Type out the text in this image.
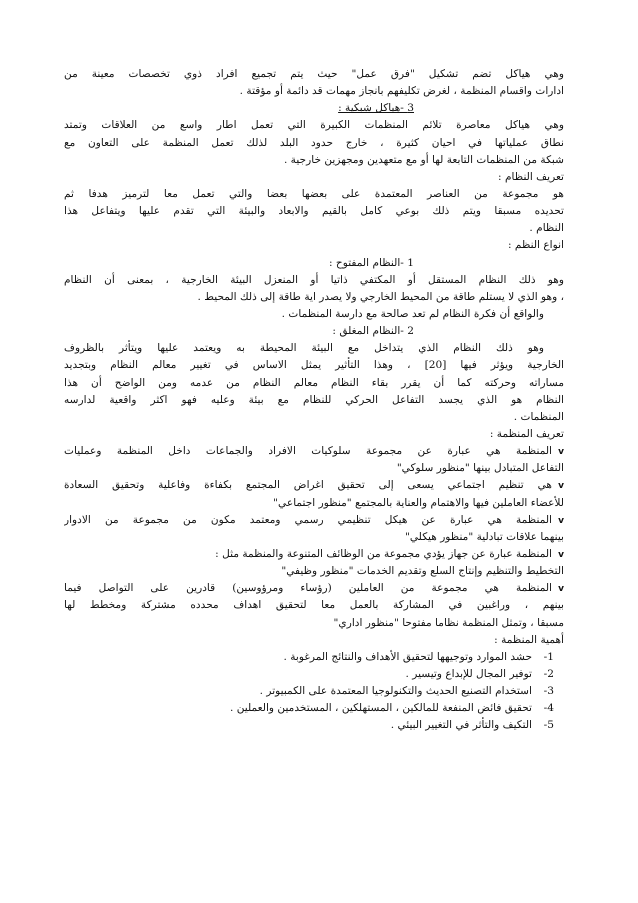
وهي هياكل تضم تشكيل "فرق عمل" حيث يتم تجميع افراد ذوي تخصصات معينة من
ادارات واقسام المنظمة ، لغرض تكليفهم بانجاز مهمات قد دائمة أو مؤقتة .
3 -هياكل شبكية :
وهي هياكل معاصرة تلائم المنظمات الكبيرة التي تعمل اطار واسع من العلاقات وتمتد
نطاق عملياتها في احيان كثيرة ، خارج حدود البلد لذلك تعمل المنظمة على التعاون مع
شبكة من المنظمات التابعة لها أو مع متعهدين ومجهزين خارجية .
تعريف النظام :
هو مجموعة من العناصر المعتمدة على بعضها بعضا والتي تعمل معا لترميز هدفا ثم
تحديده مسبقا ويتم ذلك بوعي كامل بالقيم والابعاد والبيئة التي تقدم عليها ويتفاعل هذا
النظام .
انواع النظم :
1 -النظام المفتوح :
وهو ذلك النظام المستقل أو المكتفي ذاتيا أو المنعزل البيئة الخارجية ، بمعنى أن النظام
، وهو الذي لا يستلم طاقة من المحيط الخارجي ولا يصدر اية طاقة إلى ذلك المحيط .
والواقع أن فكرة النظام لم تعد صالحة مع دارسة المنظمات .
2 -النظام المغلق :
وهو ذلك النظام الذي يتداخل مع البيئة المحيطة به ويعتمد عليها ويتأثر بالظروف
الخارجية ويؤثر فيها [20] ، وهذا التأثير يمثل الاساس في تغيير معالم النظام وبتجديد
مساراته وحركته كما أن يقرر بقاء النظام معالم النظام من عدمه ومن الواضح أن هذا
النظام هو الذي يجسد التفاعل الحركي للنظام مع بيئة وعليه فهو اكثر واقعية لدارسه
المنظمات .
تعريف المنظمة :
vالمنظمة هي عبارة عن مجموعة سلوكيات الافراد والجماعات داخل المنظمة وعمليات
التفاعل المتبادل بينها "منظور سلوكي"
vهي تنظيم اجتماعي يسعى إلى تحقيق اغراض المجتمع بكفاءة وفاعلية وتحقيق السعادة
للأعضاء العاملين فيها والاهتمام والعناية بالمجتمع "منظور اجتماعي"
vالمنظمة هي عبارة عن هيكل تنظيمي رسمي ومعتمد مكون من مجموعة من الادوار
بينهما علاقات تبادلية "منظور هيكلي"
vالمنظمة عبارة عن جهاز يؤدي مجموعة من الوظائف المتنوعة والمنظمة مثل :
التخطيط والتنظيم وإنتاج السلع وتقديم الخدمات "منظور وظيفي"
vالمنظمة هي مجموعة من العاملين (رؤساء ومرؤوسين) قادرين على التواصل فيما
بينهم ، وراغبين في المشاركة بالعمل معا لتحقيق اهداف محدده مشتركة ومخطط لها
مسبقا ، وتمثل المنظمة نظاما مفتوحا "منظور اداري"
أهمية المنظمة :
1-حشد الموارد وتوجيهها لتحقيق الأهداف والنتائج المرغوبة .
2-توفير المجال للإبداع وتيسير .
3-استخدام التصنيع الحديث والتكنولوجيا المعتمدة على الكمبيوتر .
4-تحقيق فائض المنفعة للمالكين ، المستهلكين ، المستخدمين والعملين .
5-التكيف والتأثر في التغيير البيئي .
